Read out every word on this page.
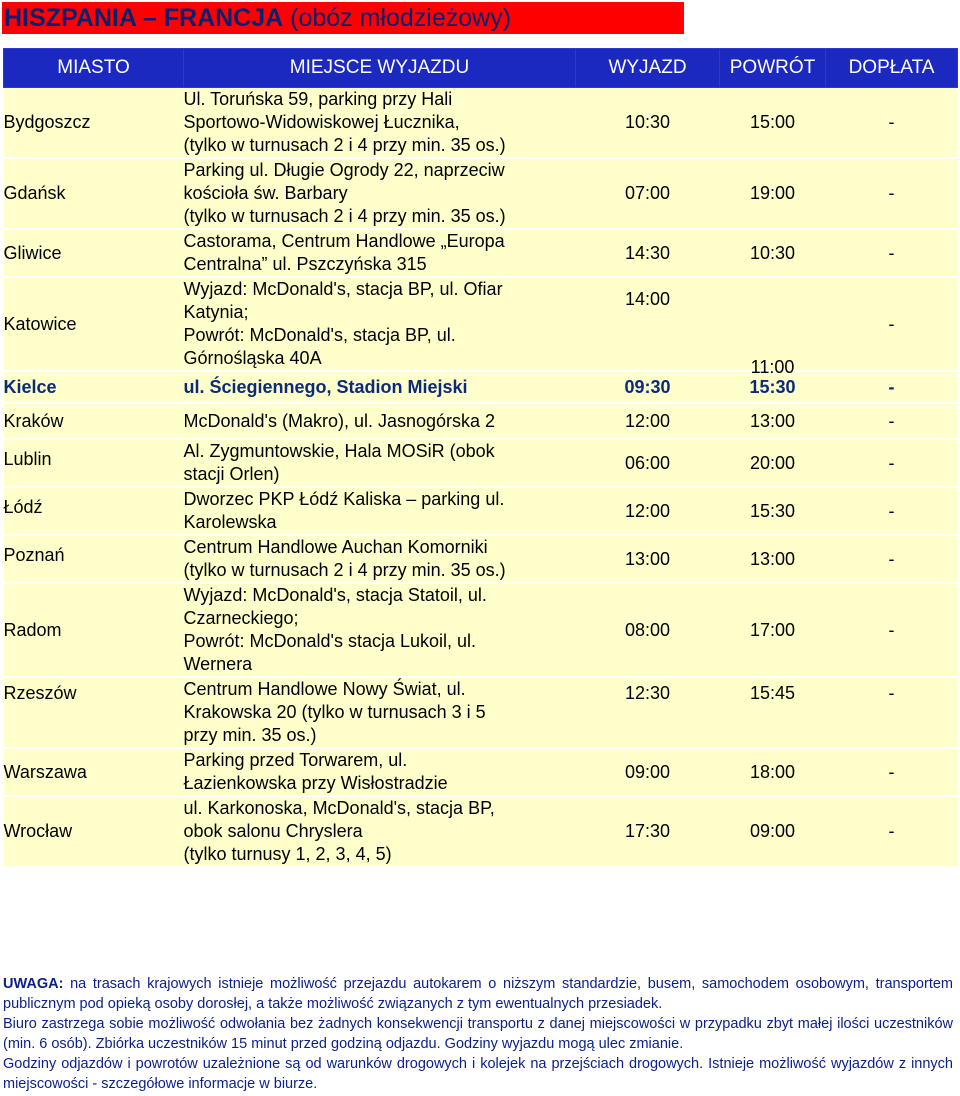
HISZPANIA – FRANCJA (obóz młodzieżowy)
MIASTO	MIEJSCE WYJAZDU	WYJAZD	POWRÓT	DOPŁATA
Bydgoszcz	Ul. Toruńska 59, parking przy Hali
Sportowo-Widowiskowej Łucznika,
(tylko w turnusach 2 i 4 przy min. 35 os.)	10:30	15:00	-
Gdańsk	Parking ul. Długie Ogrody 22, naprzeciw
kościoła św. Barbary
(tylko w turnusach 2 i 4 przy min. 35 os.)	07:00	19:00	-
Gliwice	Castorama, Centrum Handlowe „Europa
Centralna” ul. Pszczyńska 315	14:30	10:30	-
Katowice	Wyjazd: McDonald's, stacja BP, ul. Ofiar
Katynia;
Powrót: McDonald's, stacja BP, ul.
Górnośląska 40A	14:00	11:00	-
Kielce	ul. Ściegiennego, Stadion Miejski	09:30	15:30	-
Kraków	McDonald's (Makro), ul. Jasnogórska 2	12:00	13:00	-
Lublin	Al. Zygmuntowskie, Hala MOSiR (obok
stacji Orlen)	06:00	20:00	-
Łódź	Dworzec PKP Łódź Kaliska – parking ul.
Karolewska	12:00	15:30	-
Poznań	Centrum Handlowe Auchan Komorniki
(tylko w turnusach 2 i 4 przy min. 35 os.)	13:00	13:00	-
Radom	Wyjazd: McDonald's, stacja Statoil, ul.
Czarneckiego;
Powrót: McDonald's stacja Lukoil, ul.
Wernera	08:00	17:00	-
Rzeszów	Centrum Handlowe Nowy Świat, ul.
Krakowska 20 (tylko w turnusach 3 i 5
przy min. 35 os.)	12:30	15:45	-
Warszawa	Parking przed Torwarem, ul.
Łazienkowska przy Wisłostradzie	09:00	18:00	-
Wrocław	ul. Karkonoska, McDonald's, stacja BP,
obok salonu Chryslera
(tylko turnusy 1, 2, 3, 4, 5)	17:30	09:00	-
UWAGA: na trasach krajowych istnieje możliwość przejazdu autokarem o niższym standardzie, busem, samochodem osobowym, transportem publicznym pod opieką osoby dorosłej, a także możliwość związanych z tym ewentualnych przesiadek.
Biuro zastrzega sobie możliwość odwołania bez żadnych konsekwencji transportu z danej miejscowości w przypadku zbyt małej ilości uczestników (min. 6 osób). Zbiórka uczestników 15 minut przed godziną odjazdu. Godziny wyjazdu mogą ulec zmianie.
Godziny odjazdów i powrotów uzależnione są od warunków drogowych i kolejek na przejściach drogowych. Istnieje możliwość wyjazdów z innych miejscowości - szczegółowe informacje w biurze.
